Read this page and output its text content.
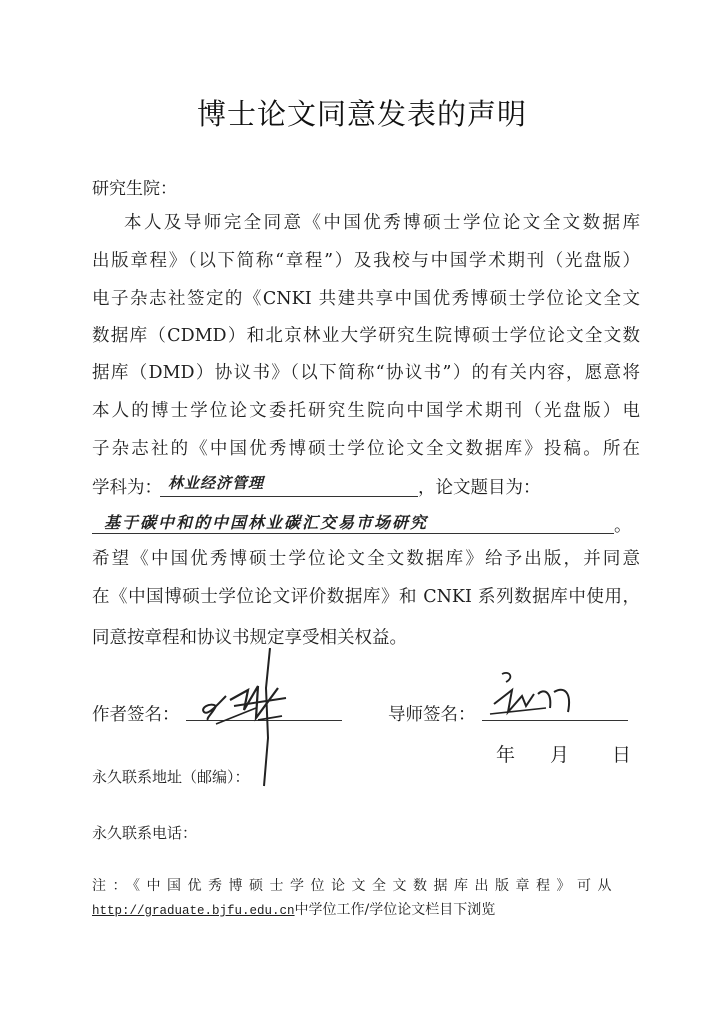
博士论文同意发表的声明
研究生院：
本人及导师完全同意《中国优秀博硕士学位论文全文数据库
出版章程》（以下简称“章程”）及我校与中国学术期刊（光盘版）
电子杂志社签定的《CNKI 共建共享中国优秀博硕士学位论文全文
数据库（CDMD）和北京林业大学研究生院博硕士学位论文全文数
据库（DMD）协议书》（以下简称“协议书”）的有关内容，愿意将
本人的博士学位论文委托研究生院向中国学术期刊（光盘版）电
子杂志社的《中国优秀博硕士学位论文全文数据库》投稿。所在
学科为： 林业经济管理	，论文题目为：
基于碳中和的中国林业碳汇交易市场研究	。
希望《中国优秀博硕士学位论文全文数据库》给予出版，并同意
在《中国博硕士学位论文评价数据库》和 CNKI 系列数据库中使用，
同意按章程和协议书规定享受相关权益。
作者签名：	导师签名：
年 月 日
永久联系地址（邮编）：
永久联系电话：
注：《中国优秀博硕士学位论文全文数据库出版章程》可从
http://graduate.bjfu.edu.cn中学位工作/学位论文栏目下浏览
